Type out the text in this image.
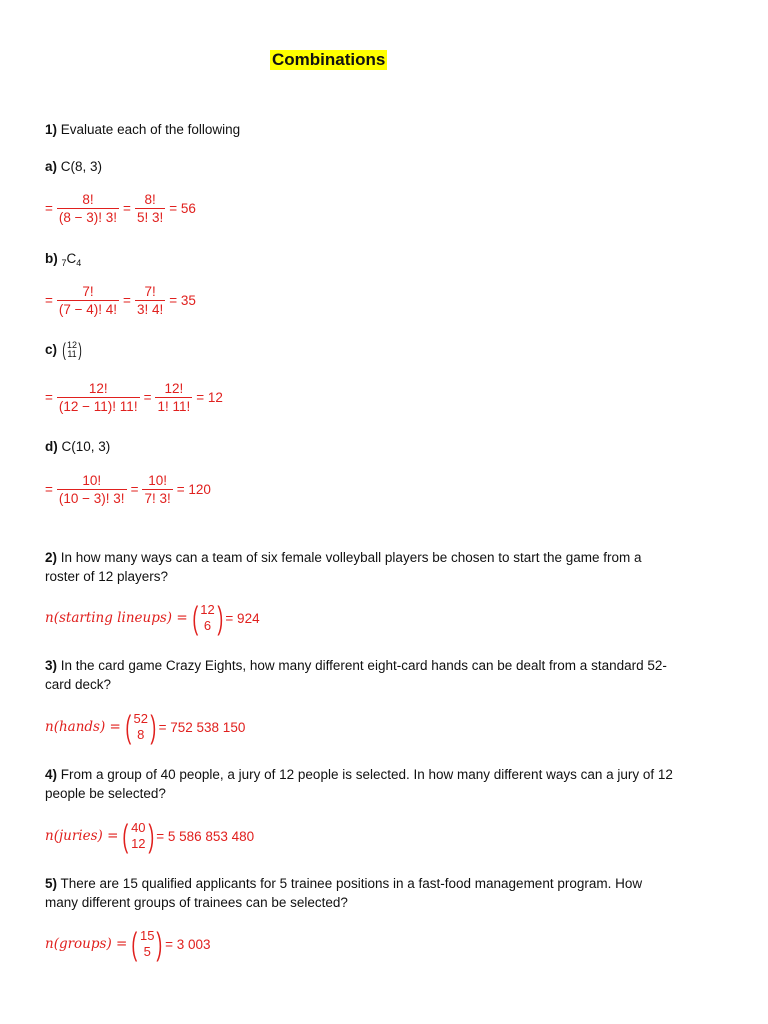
Combinations
1) Evaluate each of the following
a) C(8, 3)
= $\frac{8!}{(8 - 3)! 3!} = \frac{8!}{5! 3!} = 56$
b) $_7C_4$
= $\frac{7!}{(7 - 4)! 4!} = \frac{7!}{3! 4!} = 35$
c) ( 12
11 )
= $\frac{12!}{(12 - 11)! 11!} = \frac{12!}{1! 11!} = 12$
d) C(10, 3)
= $\frac{10!}{(10 - 3)! 3!} = \frac{10!}{7! 3!} = 120$
2) In how many ways can a team of six female volleyball players be chosen to start the game from a
roster of 12 players?
n(starting lineups) = ( 12
6 ) = 924
3) In the card game Crazy Eights, how many different eight-card hands can be dealt from a standard 52-
card deck?
n(hands) = ( 52
8 ) = 752 538 150
4) From a group of 40 people, a jury of 12 people is selected. In how many different ways can a jury of 12
people be selected?
n(juries) = ( 40
12 ) = 5 586 853 480
5) There are 15 qualified applicants for 5 trainee positions in a fast-food management program. How
many different groups of trainees can be selected?
n(groups) = ( 15
5 ) = 3 003
